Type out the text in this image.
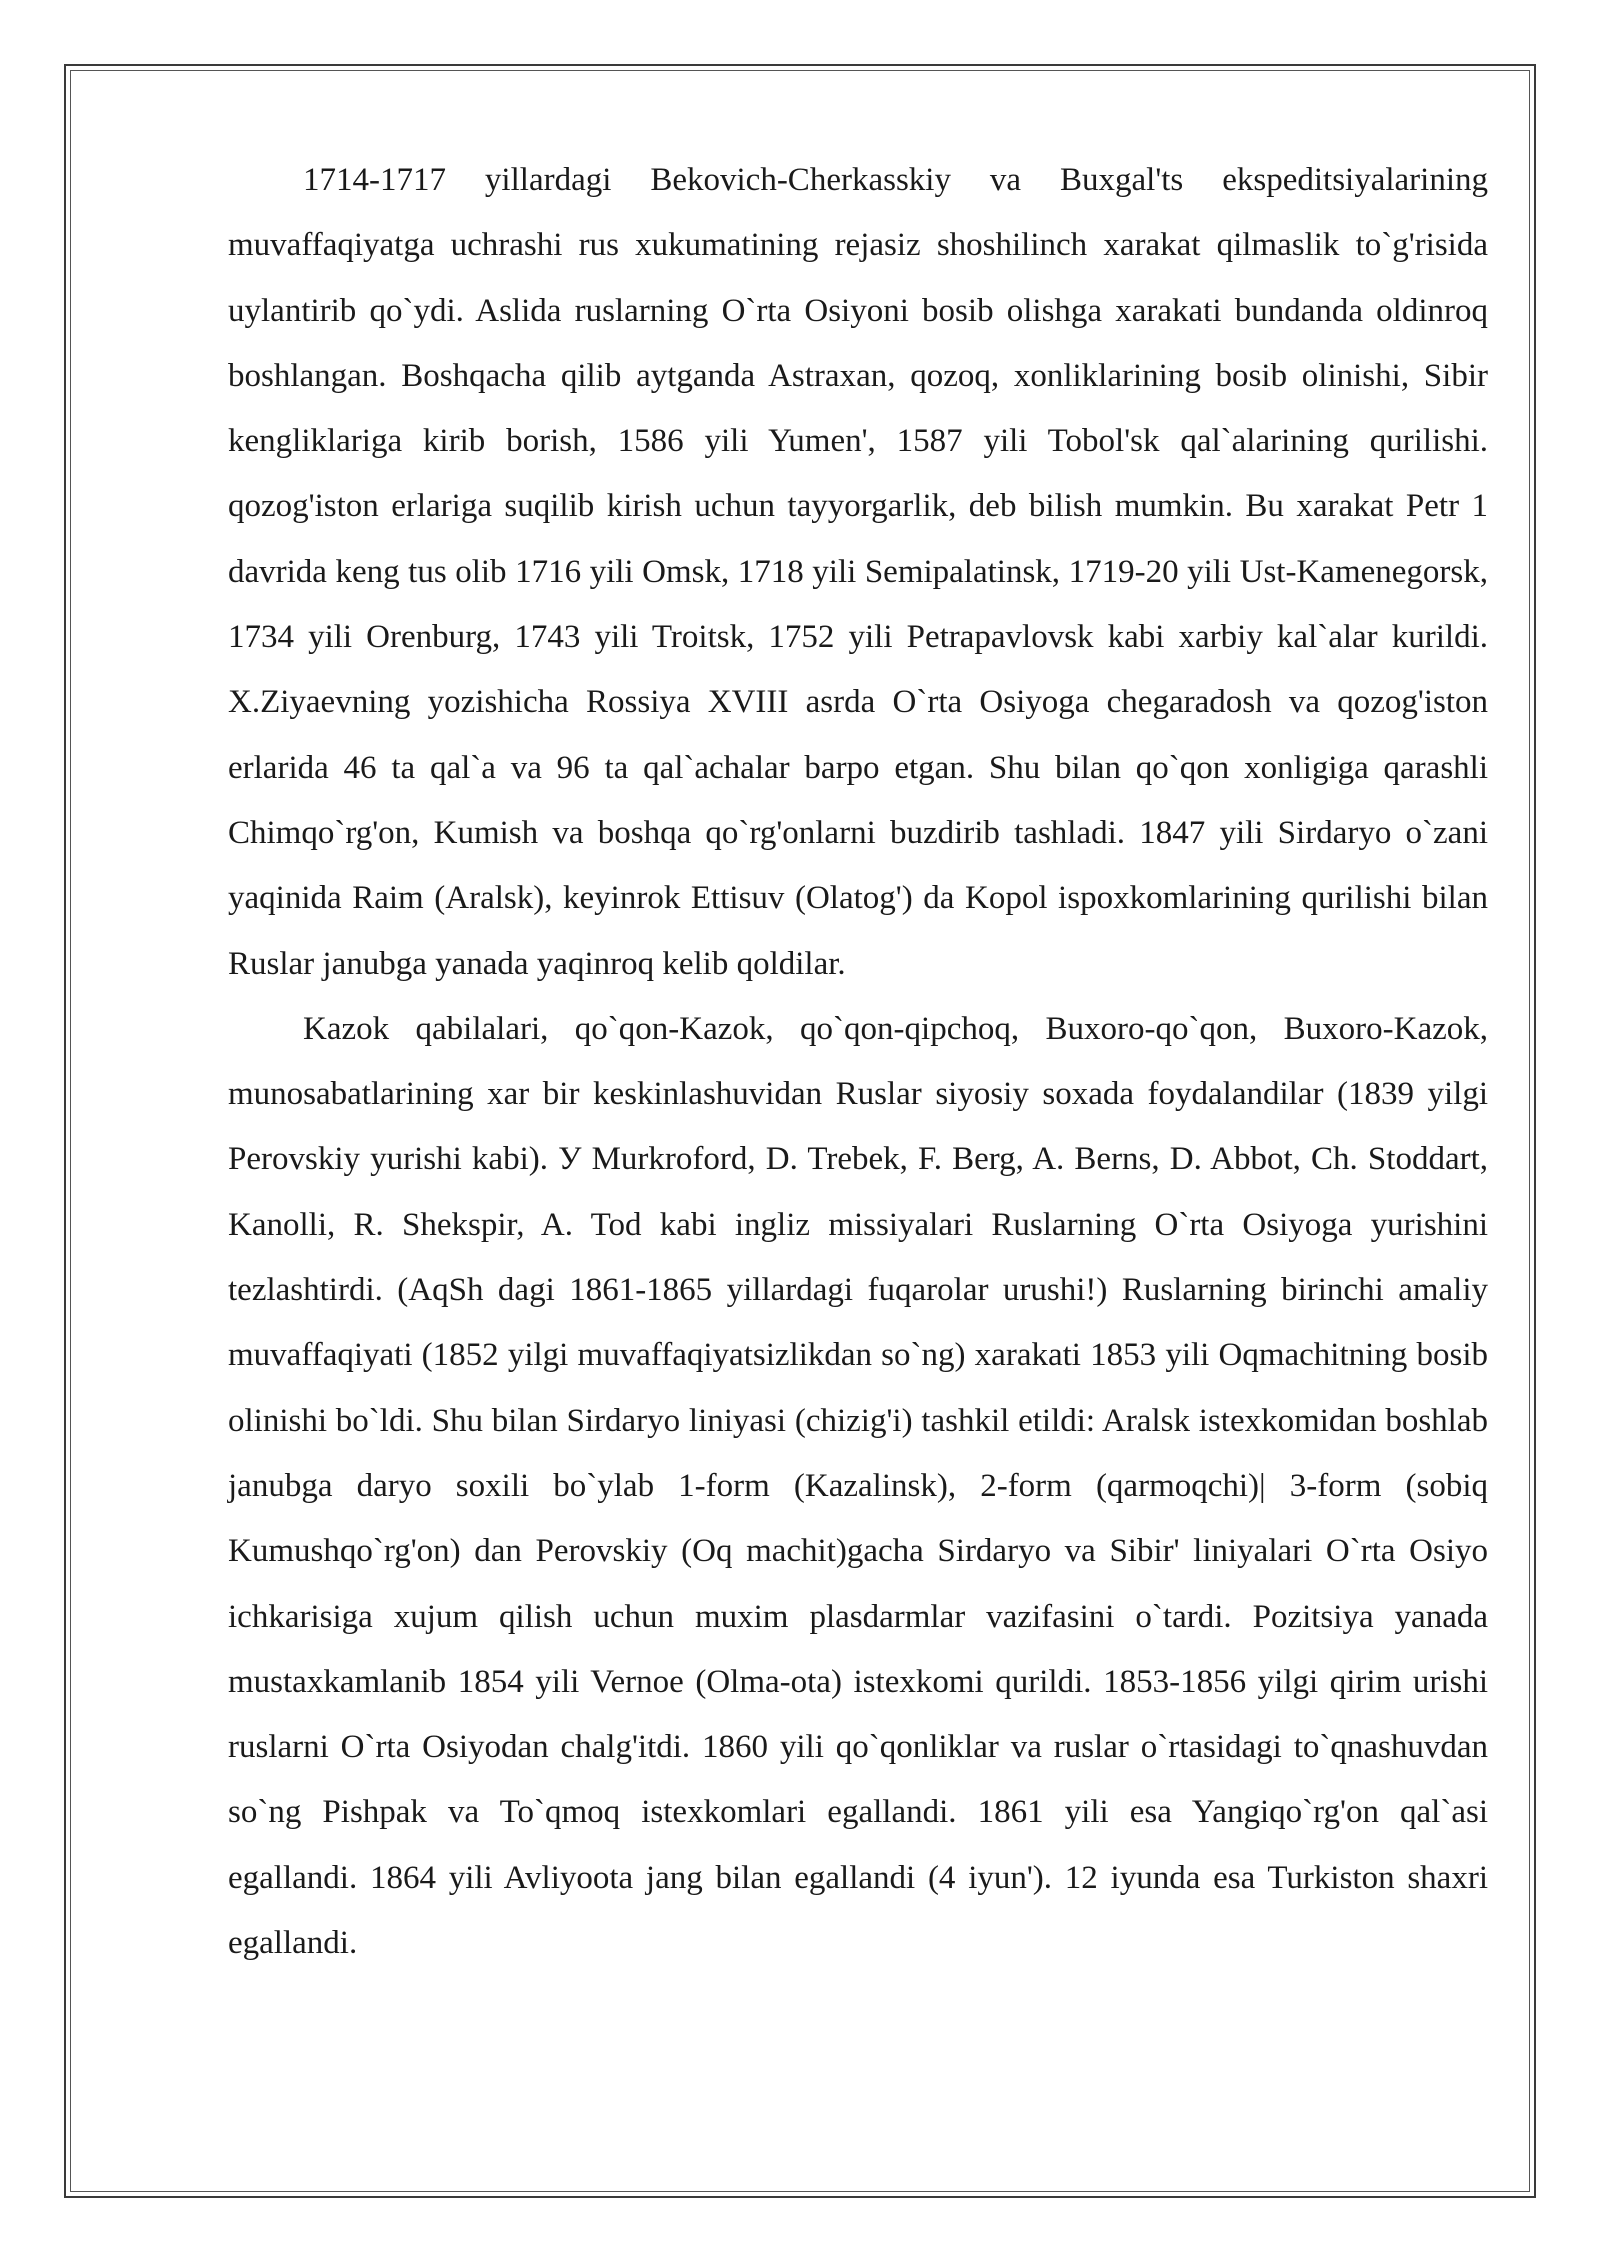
1714-1717 yillardagi Bekovich-Cherkasskiy va Buxgal'ts ekspeditsiyalarining muvaffaqiyatga uchrashi rus xukumatining rejasiz shoshilinch xarakat qilmaslik to`g'risida uylantirib qo`ydi. Aslida ruslarning O`rta Osiyoni bosib olishga xarakati bundanda oldinroq boshlangan. Boshqacha qilib aytganda Astraxan, qozoq, xonliklarining bosib olinishi, Sibir kengliklariga kirib borish, 1586 yili Yumen', 1587 yili Tobol'sk qal`alarining qurilishi. qozog'iston erlariga suqilib kirish uchun tayyorgarlik, deb bilish mumkin. Bu xarakat Petr 1 davrida keng tus olib 1716 yili Omsk, 1718 yili Semipalatinsk, 1719-20 yili Ust-Kamenegorsk, 1734 yili Orenburg, 1743 yili Troitsk, 1752 yili Petrapavlovsk kabi xarbiy kal`alar kurildi. X.Ziyaevning yozishicha Rossiya XVIII asrda O`rta Osiyoga chegaradosh va qozog'iston erlarida 46 ta qal`a va 96 ta qal`achalar barpo etgan. Shu bilan qo`qon xonligiga qarashli Chimqo`rg'on, Kumish va boshqa qo`rg'onlarni buzdirib tashladi. 1847 yili Sirdaryo o`zani yaqinida Raim (Aralsk), keyinrok Ettisuv (Olatog') da Kopol ispoxkomlarining qurilishi bilan Ruslar janubga yanada yaqinroq kelib qoldilar.

Kazok qabilalari, qo`qon-Kazok, qo`qon-qipchoq, Buxoro-qo`qon, Buxoro-Kazok, munosabatlarining xar bir keskinlashuvidan Ruslar siyosiy soxada foydalandilar (1839 yilgi Perovskiy yurishi kabi). У Murkroford, D. Trebek, F. Berg, A. Berns, D. Abbot, Ch. Stoddart, Kanolli, R. Shekspir, A. Tod kabi ingliz missiyalari Ruslarning O`rta Osiyoga yurishini tezlashtirdi. (AqSh dagi 1861-1865 yillardagi fuqarolar urushi!) Ruslarning birinchi amaliy muvaffaqiyati (1852 yilgi muvaffaqiyatsizlikdan so`ng) xarakati 1853 yili Oqmachitning bosib olinishi bo`ldi. Shu bilan Sirdaryo liniyasi (chizig'i) tashkil etildi: Aralsk istexkomidan boshlab janubga daryo soxili bo`ylab 1-form (Kazalinsk), 2-form (qarmoqchi)| 3-form (sobiq Kumushqo`rg'on) dan Perovskiy (Oq machit)gacha Sirdaryo va Sibir' liniyalari O`rta Osiyo ichkarisiga xujum qilish uchun muxim plasdarmlar vazifasini o`tardi. Pozitsiya yanada mustaxkamlanib 1854 yili Vernoe (Olma-ota) istexkomi qurildi. 1853-1856 yilgi qirim urishi ruslarni O`rta Osiyodan chalg'itdi. 1860 yili qo`qonliklar va ruslar o`rtasidagi to`qnashuvdan so`ng Pishpak va To`qmoq istexkomlari egallandi. 1861 yili esa Yangiqo`rg'on qal`asi egallandi. 1864 yili Avliyoota jang bilan egallandi (4 iyun'). 12 iyunda esa Turkiston shaxri egallandi.
